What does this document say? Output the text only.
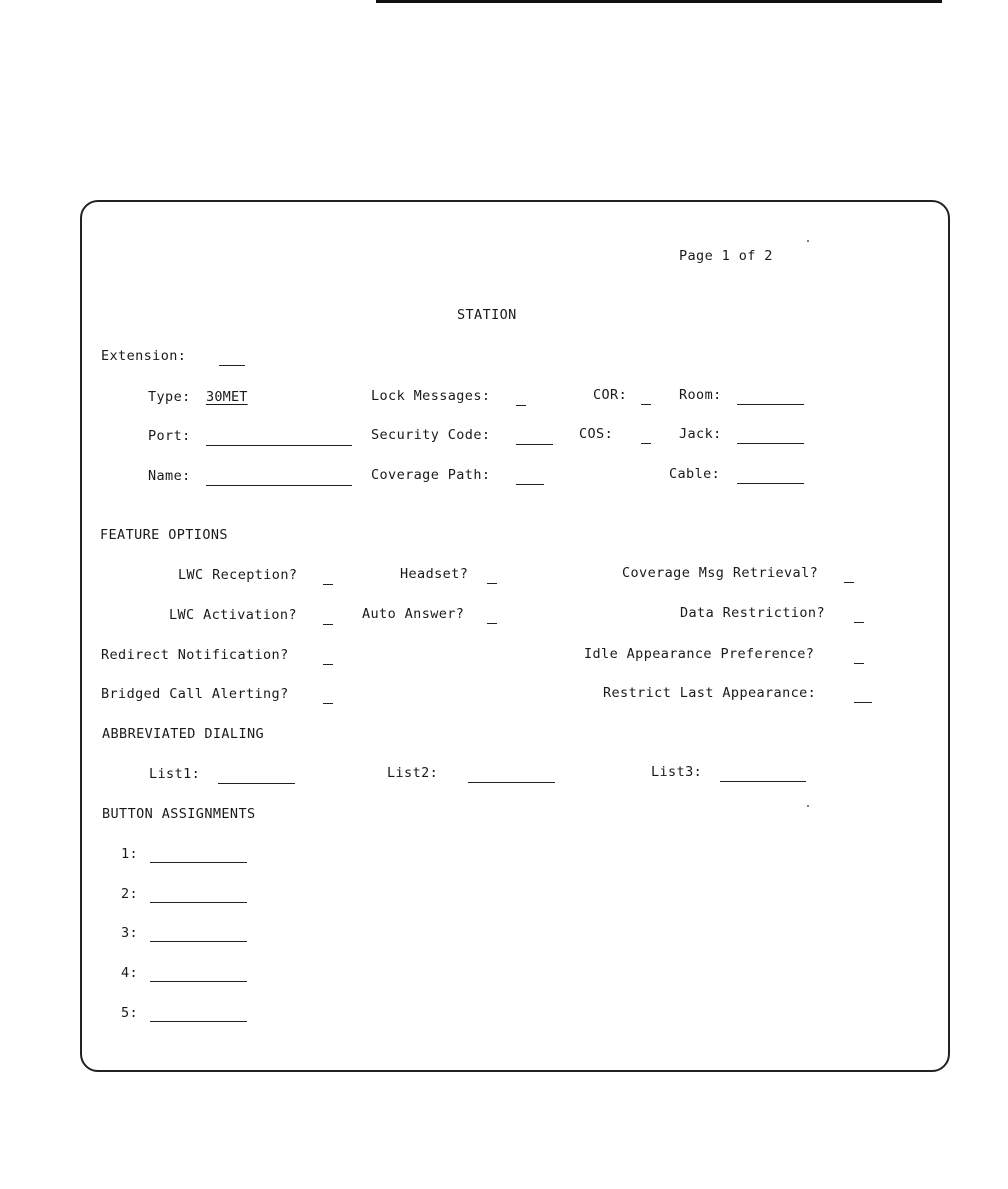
Page 1 of 2
STATION
Extension:
Type: 30MET	Lock Messages:	COR:	Room:
Port:	Security Code:	COS:	Jack:
Name:	Coverage Path:	Cable:
FEATURE OPTIONS
LWC Reception?	Headset?	Coverage Msg Retrieval?
LWC Activation?	Auto Answer?	Data Restriction?
Redirect Notification?	Idle Appearance Preference?
Bridged Call Alerting?	Restrict Last Appearance:
ABBREVIATED DIALING
List1:	List2:	List3:
BUTTON ASSIGNMENTS
1:
2:
3:
4:
5:
